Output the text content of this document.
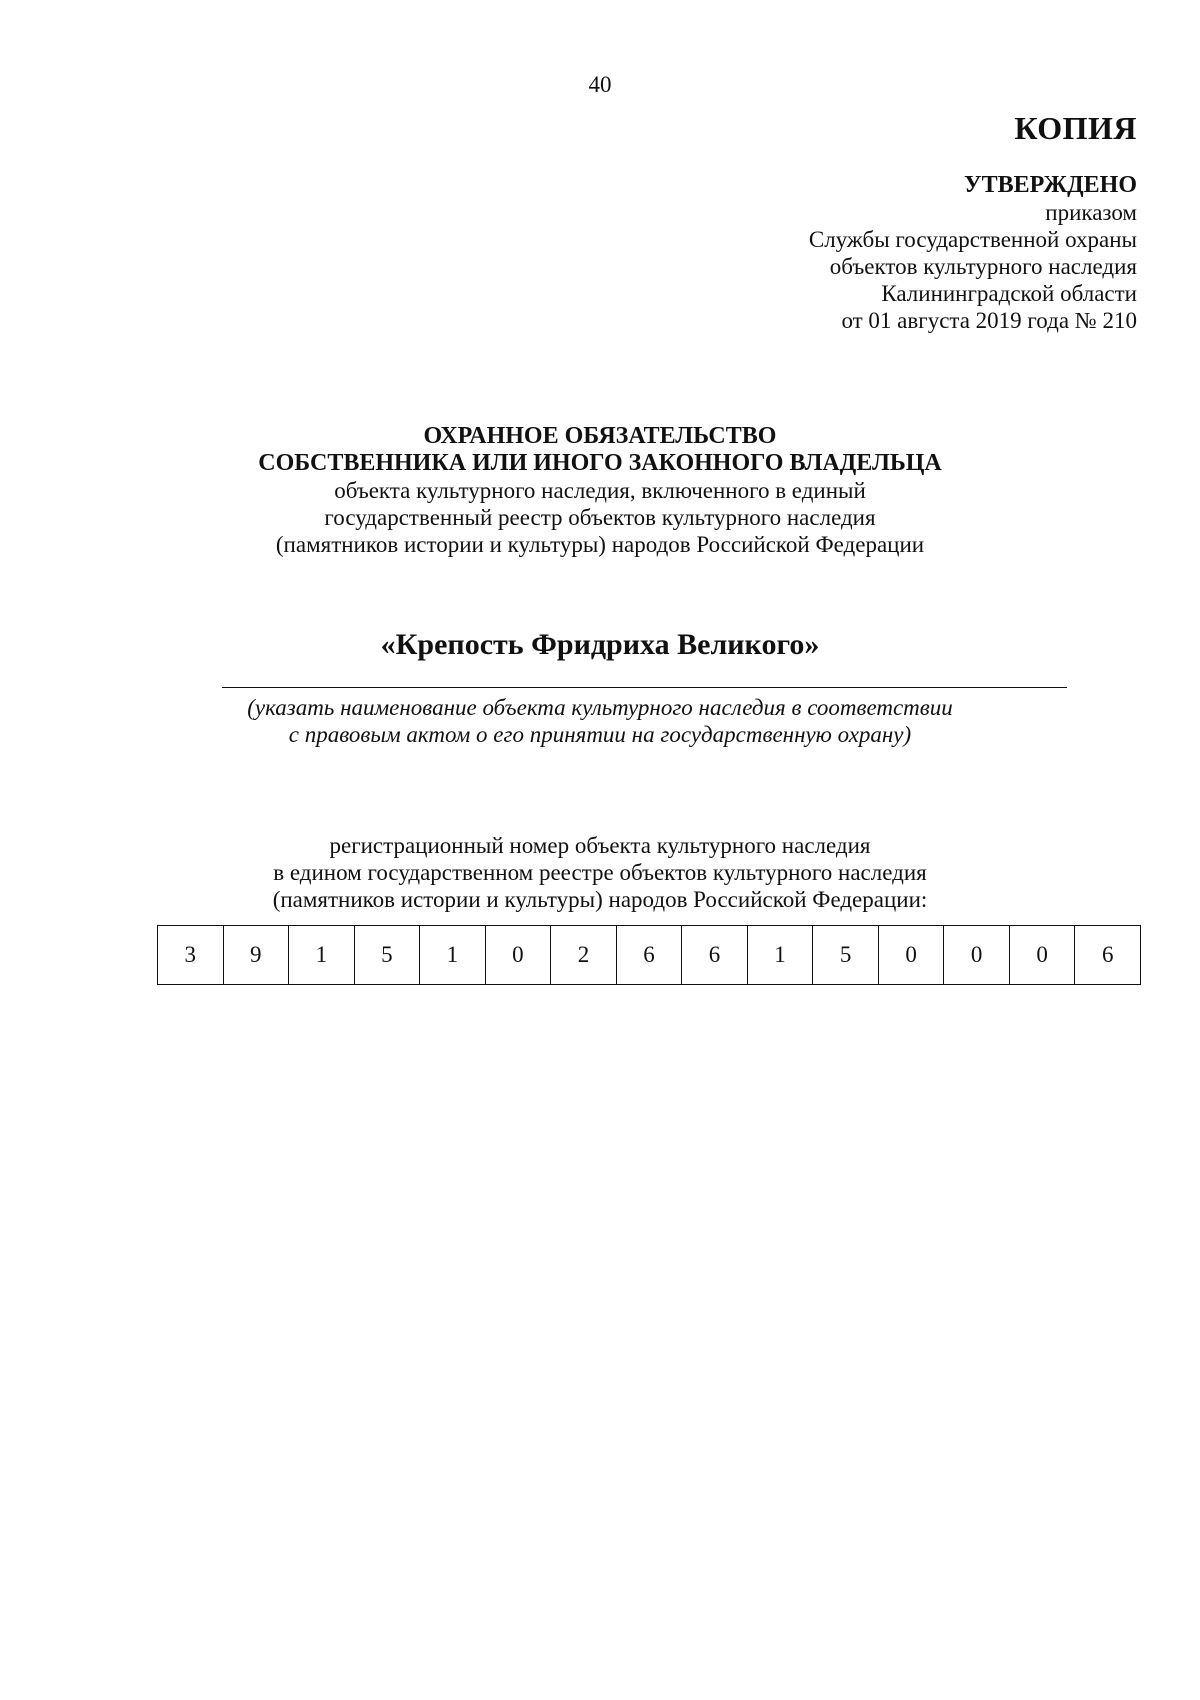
40
КОПИЯ
УТВЕРЖДЕНО
приказом
Службы государственной охраны
объектов культурного наследия
Калининградской области
от 01 августа 2019 года № 210
ОХРАННОЕ ОБЯЗАТЕЛЬСТВО
СОБСТВЕННИКА ИЛИ ИНОГО ЗАКОННОГО ВЛАДЕЛЬЦА
объекта культурного наследия, включенного в единый
государственный реестр объектов культурного наследия
(памятников истории и культуры) народов Российской Федерации
«Крепость Фридриха Великого»
(указать наименование объекта культурного наследия в соответствии
с правовым актом о его принятии на государственную охрану)
регистрационный номер объекта культурного наследия
в едином государственном реестре объектов культурного наследия
(памятников истории и культуры) народов Российской Федерации:
3	9	1	5	1	0	2	6	6	1	5	0	0	0	6
